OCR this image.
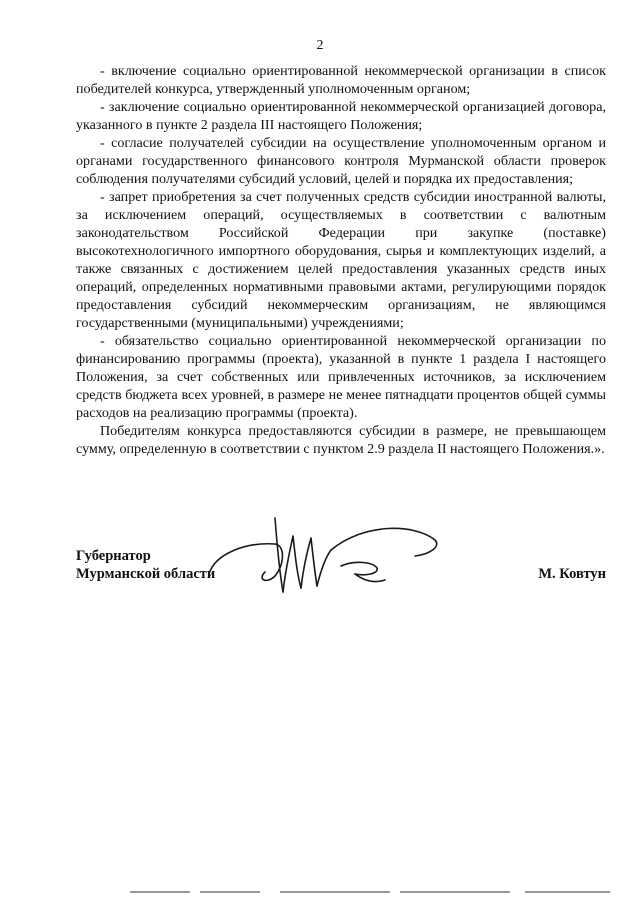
2

- включение социально ориентированной некоммерческой организации в список победителей конкурса, утвержденный уполномоченным органом;

- заключение социально ориентированной некоммерческой организацией договора, указанного в пункте 2 раздела III настоящего Положения;

- согласие получателей субсидии на осуществление уполномоченным органом и органами государственного финансового контроля Мурманской области проверок соблюдения получателями субсидий условий, целей и порядка их предоставления;

- запрет приобретения за счет полученных средств субсидии иностранной валюты, за исключением операций, осуществляемых в соответствии с валютным законодательством Российской Федерации при закупке (поставке) высокотехнологичного импортного оборудования, сырья и комплектующих изделий, а также связанных с достижением целей предоставления указанных средств иных операций, определенных нормативными правовыми актами, регулирующими порядок предоставления субсидий некоммерческим организациям, не являющимся государственными (муниципальными) учреждениями;

- обязательство социально ориентированной некоммерческой организации по финансированию программы (проекта), указанной в пункте 1 раздела I настоящего Положения, за счет собственных или привлеченных источников, за исключением средств бюджета всех уровней, в размере не менее пятнадцати процентов общей суммы расходов на реализацию программы (проекта).

Победителям конкурса предоставляются субсидии в размере, не превышающем сумму, определенную в соответствии с пунктом 2.9 раздела II настоящего Положения.».

Губернатор
Мурманской области	М. Ковтун
